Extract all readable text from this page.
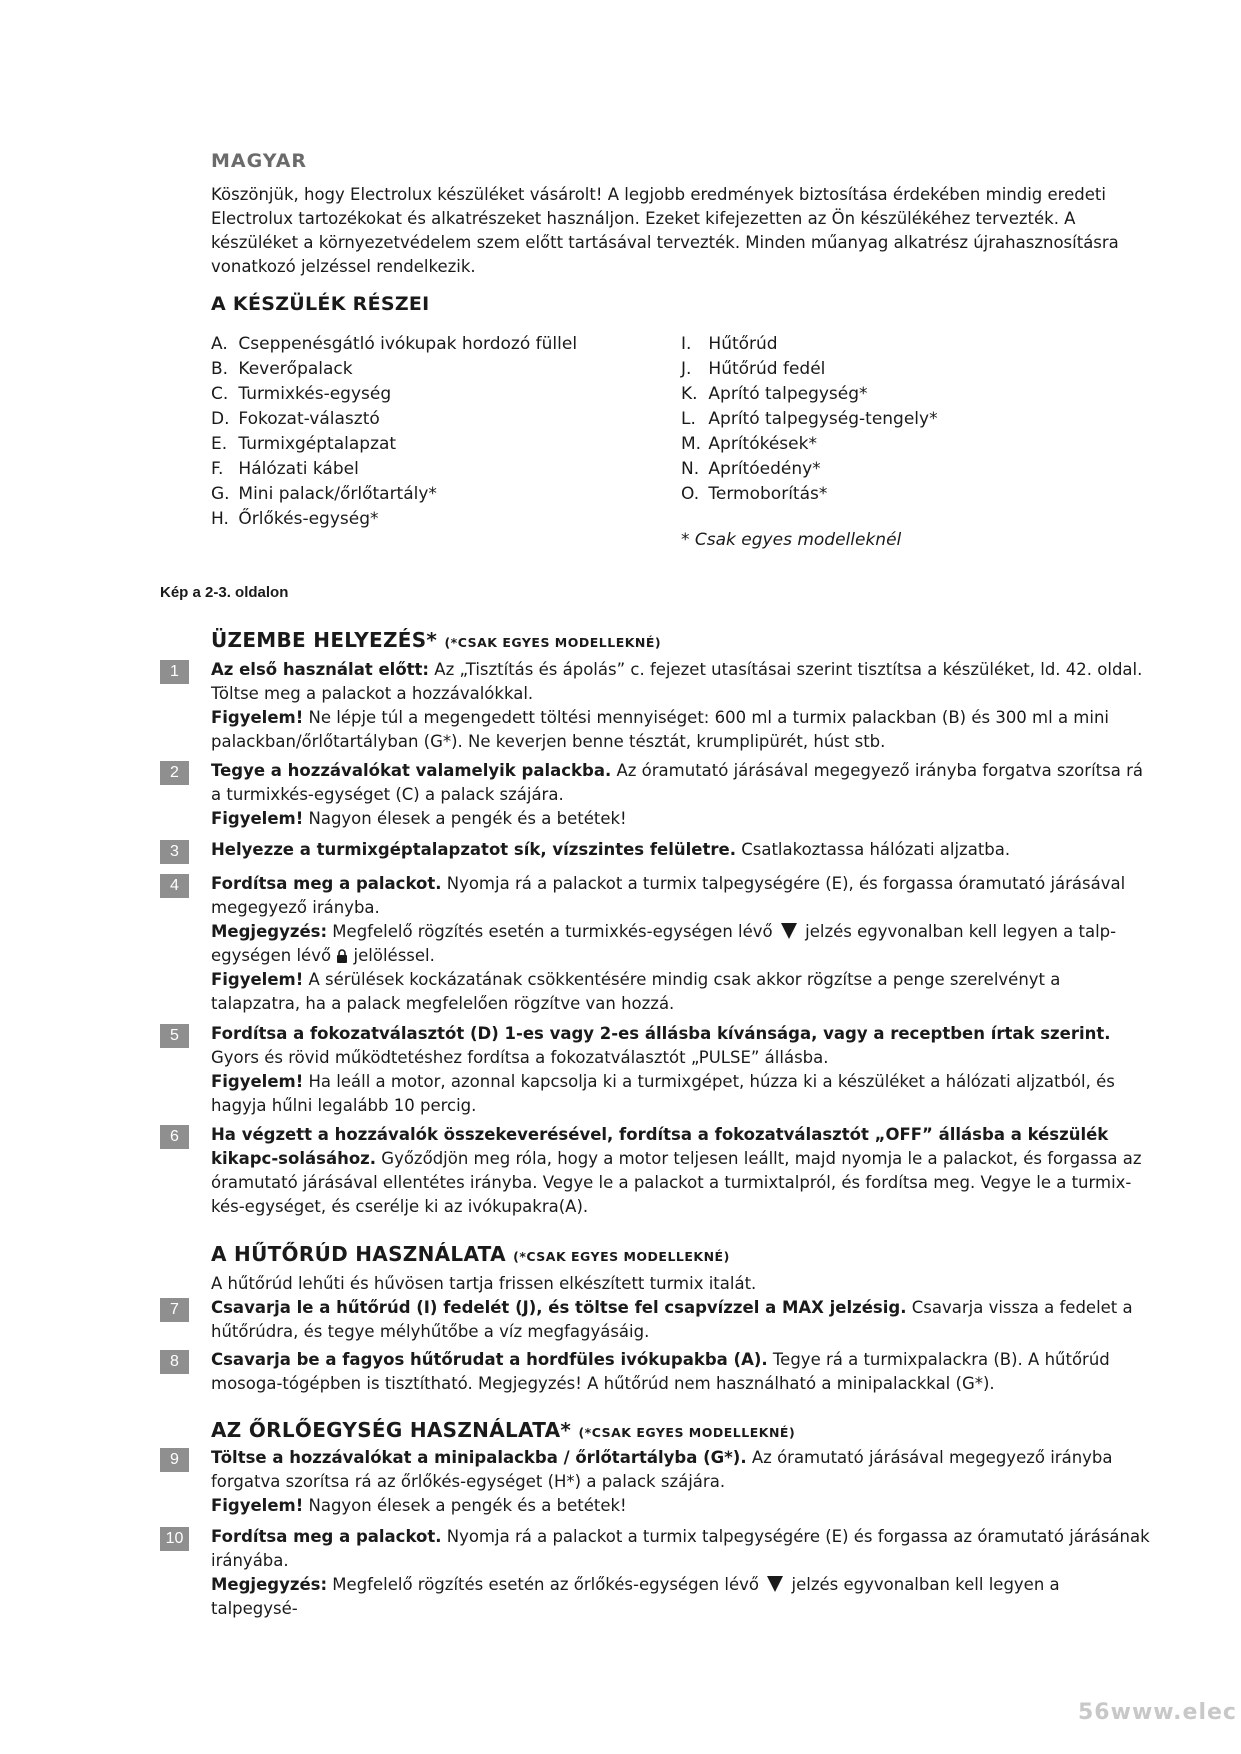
MAGYAR
Köszönjük, hogy Electrolux készüléket vásárolt! A legjobb eredmények biztosítása érdekében mindig eredeti Electrolux tartozékokat és alkatrészeket használjon. Ezeket kifejezetten az Ön készülékéhez tervezték. A készüléket a környezetvédelem szem előtt tartásával tervezték. Minden műanyag alkatrész újrahasznosításra vonatkozó jelzéssel rendelkezik.
A KÉSZÜLÉK RÉSZEI
A. Cseppenésgátló ivókupak hordozó füllel
B. Keverőpalack
C. Turmixkés-egység
D. Fokozat-választó
E. Turmixgéptalapzat
F. Hálózati kábel
G. Mini palack/őrlőtartály*
H. Őrlőkés-egység*
I. Hűtőrúd
J. Hűtőrúd fedél
K. Aprító talpegység*
L. Aprító talpegység-tengely*
M. Aprítókések*
N. Aprítóedény*
O. Termoborítás*
* Csak egyes modelleknél
Kép a 2-3. oldalon
ÜZEMBE HELYEZÉS* (*CSAK EGYES MODELLEKNÉ)
1	Az első használat előtt: Az „Tisztítás és ápolás” c. fejezet utasításai szerint tisztítsa a készüléket, ld. 42. oldal. Töltse meg a palackot a hozzávalókkal.

Figyelem! Ne lépje túl a megengedett töltési mennyiséget: 600 ml a turmix palackban (B) és 300 ml a mini palackban/őrlőtartályban (G*). Ne keverjen benne tésztát, krumplipürét, húst stb.

2	Tegye a hozzávalókat valamelyik palackba. Az óramutató járásával megegyező irányba forgatva szorítsa rá a turmixkés-egységet (C) a palack szájára.

Figyelem! Nagyon élesek a pengék és a betétek!

3	Helyezze a turmixgéptalapzatot sík, vízszintes felületre. Csatlakoztassa hálózati aljzatba.

4	Fordítsa meg a palackot. Nyomja rá a palackot a turmix talpegységére (E), és forgassa óramutató járásával megegyező irányba.

Megjegyzés: Megfelelő rögzítés esetén a turmixkés-egységen lévő  jelzés egyvonalban kell legyen a talp-egységen lévő  jelöléssel.

Figyelem! A sérülések kockázatának csökkentésére mindig csak akkor rögzítse a penge szerelvényt a talapzatra, ha a palack megfelelően rögzítve van hozzá.

5	Fordítsa a fokozatválasztót (D) 1-es vagy 2-es állásba kívánsága, vagy a receptben írtak szerint. Gyors és rövid működtetéshez fordítsa a fokozatválasztót „PULSE” állásba.

Figyelem! Ha leáll a motor, azonnal kapcsolja ki a turmixgépet, húzza ki a készüléket a hálózati aljzatból, és hagyja hűlni legalább 10 percig.

6	Ha végzett a hozzávalók összekeverésével, fordítsa a fokozatválasztót „OFF” állásba a készülék kikapc-solásához. Győződjön meg róla, hogy a motor teljesen leállt, majd nyomja le a palackot, és forgassa az óramutató járásával ellentétes irányba. Vegye le a palackot a turmixtalpról, és fordítsa meg. Vegye le a turmix-kés-egységet, és cserélje ki az ivókupakra(A).

A HŰTŐRÚD HASZNÁLATA (*CSAK EGYES MODELLEKNÉ)
A hűtőrúd lehűti és hűvösen tartja frissen elkészített turmix italát.
7	Csavarja le a hűtőrúd (I) fedelét (J), és töltse fel csapvízzel a MAX jelzésig. Csavarja vissza a fedelet a hűtőrúdra, és tegye mélyhűtőbe a víz megfagyásáig.

8	Csavarja be a fagyos hűtőrudat a hordfüles ivókupakba (A). Tegye rá a turmixpalackra (B). A hűtőrúd mosoga-tógépben is tisztítható. Megjegyzés! A hűtőrúd nem használható a minipalackkal (G*).

AZ ŐRLŐEGYSÉG HASZNÁLATA* (*CSAK EGYES MODELLEKNÉ)
9	Töltse a hozzávalókat a minipalackba / őrlőtartályba (G*). Az óramutató járásával megegyező irányba forgatva szorítsa rá az őrlőkés-egységet (H*) a palack szájára.

Figyelem! Nagyon élesek a pengék és a betétek!

10	Fordítsa meg a palackot. Nyomja rá a palackot a turmix talpegységére (E) és forgassa az óramutató járásának irányába.

Megjegyzés: Megfelelő rögzítés esetén az őrlőkés-egységen lévő  jelzés egyvonalban kell legyen a talpegysé-

56www.elec
